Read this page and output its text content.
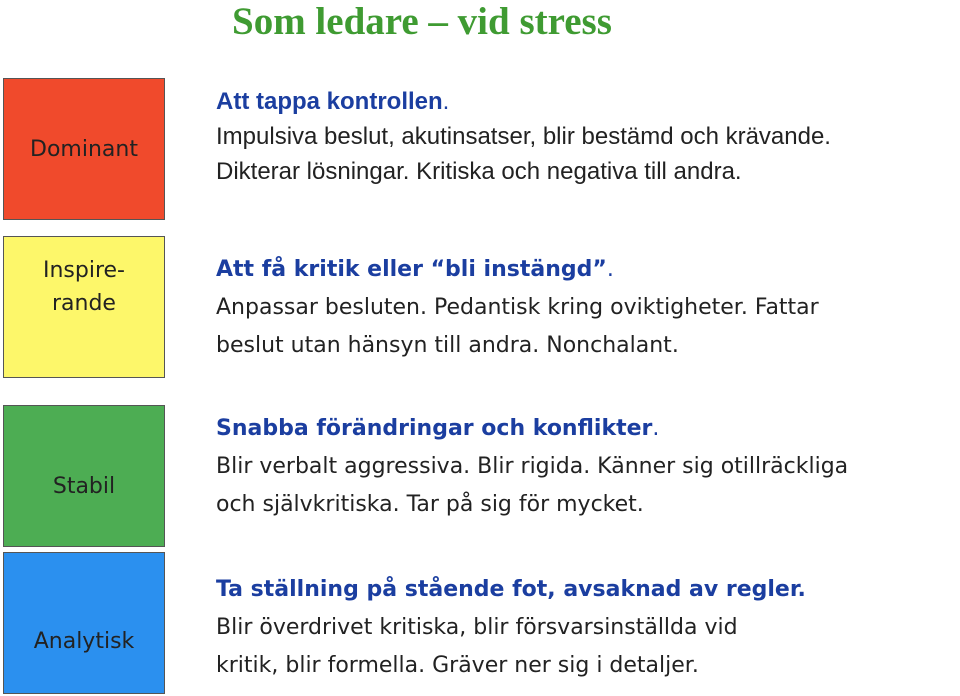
Som ledare – vid stress
Dominant
Att tappa kontrollen.
Impulsiva beslut, akutinsatser, blir bestämd och krävande.
Dikterar lösningar. Kritiska och negativa till andra.
Inspire-
rande
Att få kritik eller “bli instängd”.
Anpassar besluten. Pedantisk kring oviktigheter. Fattar
beslut utan hänsyn till andra. Nonchalant.
Stabil
Snabba förändringar och konflikter.
Blir verbalt aggressiva. Blir rigida. Känner sig otillräckliga
och självkritiska. Tar på sig för mycket.
Analytisk
Ta ställning på stående fot, avsaknad av regler.
Blir överdrivet kritiska, blir försvarsinställda vid
kritik, blir formella. Gräver ner sig i detaljer.
